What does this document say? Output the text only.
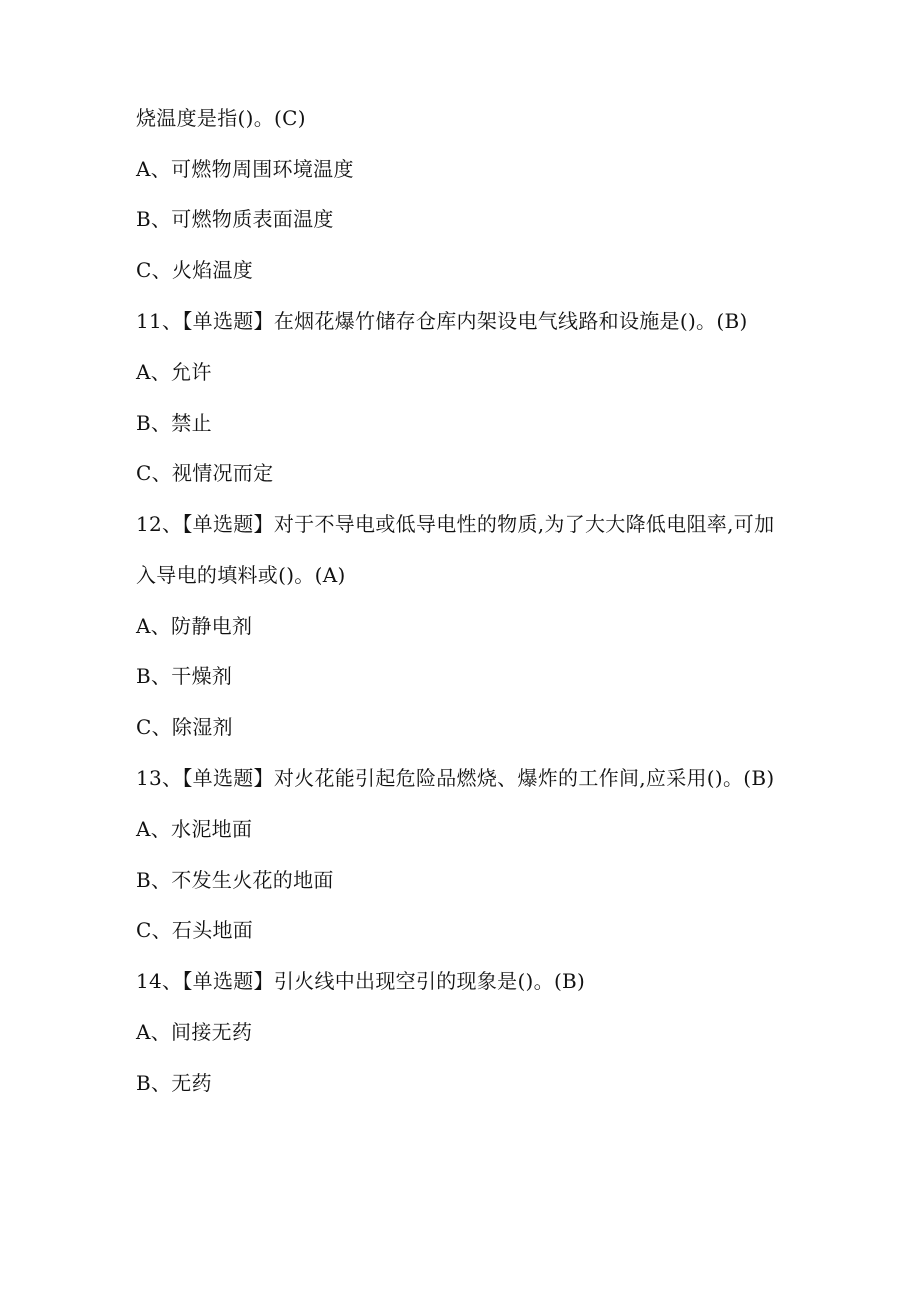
烧温度是指()。(C)
A、可燃物周围环境温度
B、可燃物质表面温度
C、火焰温度
11、【单选题】在烟花爆竹储存仓库内架设电气线路和设施是()。(B)
A、允许
B、禁止
C、视情况而定
12、【单选题】对于不导电或低导电性的物质,为了大大降低电阻率,可加
入导电的填料或()。(A)
A、防静电剂
B、干燥剂
C、除湿剂
13、【单选题】对火花能引起危险品燃烧、爆炸的工作间,应采用()。(B)
A、水泥地面
B、不发生火花的地面
C、石头地面
14、【单选题】引火线中出现空引的现象是()。(B)
A、间接无药
B、无药
